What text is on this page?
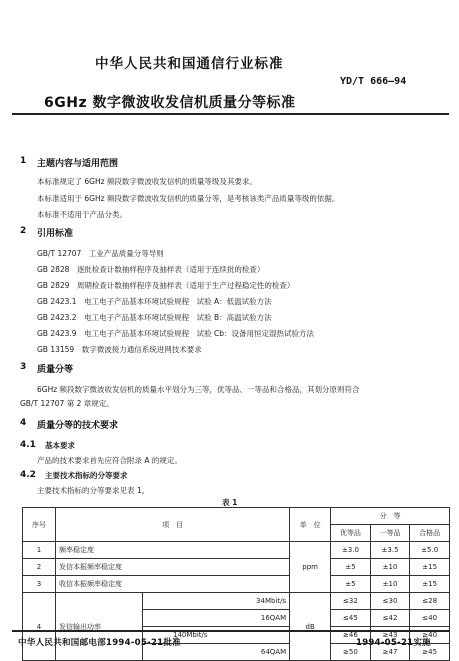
中华人民共和国通信行业标准
YD/T 666—94
6GHz 数字微波收发信机质量分等标准
1 主题内容与适用范围
本标准规定了 6GHz 频段数字微波收发信机的质量等级及其要求。
本标准适用于 6GHz 频段数字微波收发信机的质量分等，是考核该类产品质量等级的依据。
本标准不适用于产品分类。
2 引用标准
GB/T 12707　工业产品质量分等导则
GB 2828　逐批检查计数抽样程序及抽样表（适用于连续批的检查）
GB 2829　周期检查计数抽样程序及抽样表（适用于生产过程稳定性的检查）
GB 2423.1　电工电子产品基本环境试验规程　试验 A：低温试验方法
GB 2423.2　电工电子产品基本环境试验规程　试验 B：高温试验方法
GB 2423.9　电工电子产品基本环境试验规程　试验 Cb：设备用恒定湿热试验方法
GB 13159　数字微波接力通信系统进网技术要求
3 质量分等
6GHz 频段数字微波收发信机的质量水平划分为三等，优等品、一等品和合格品，其划分原则符合
GB/T 12707 第 2 章规定。
4 质量分等的技术要求
4.1 基本要求
产品的技术要求首先应符合附录 A 的规定。
4.2 主要技术指标的分等要求
主要技术指标的分等要求见表 1。
表 1
序号	项　目		单　位	分　等		
				优等品	一等品	合格品
1	频率稳定度		ppm	±3.0	±3.5	±5.0
2	发信本振频率稳定度			±5	±10	±15
3	收信本振频率稳定度			±5	±10	±15
4	发信输出功率	34Mbit/s	dB	≤32	≤30	≤28
		16QAM		≤45	≤42	≤40
		140Mbit/s		≥46	≥43	≥40
		64QAM		≥50	≥47	≥45
中华人民共和国邮电部1994-05-21批准	1994-05-21实施
